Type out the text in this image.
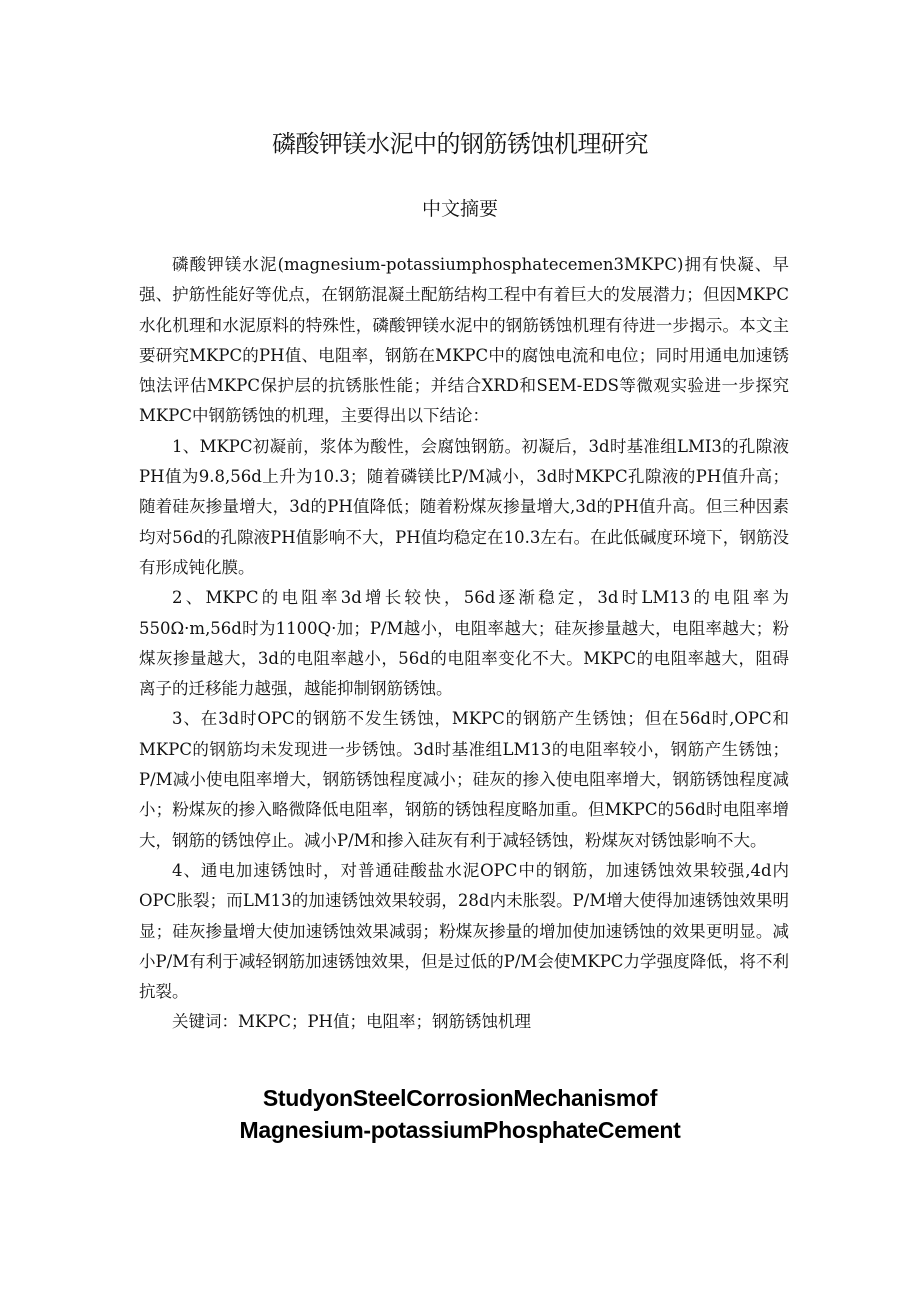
磷酸钾镁水泥中的钢筋锈蚀机理研究
中文摘要

磷酸钾镁水泥(magnesium-potassiumphosphatecemen3MKPC)拥有快凝、早强、护筋性能好等优点，在钢筋混凝土配筋结构工程中有着巨大的发展潜力；但因MKPC水化机理和水泥原料的特殊性，磷酸钾镁水泥中的钢筋锈蚀机理有待进一步揭示。本文主要研究MKPC的PH值、电阻率，钢筋在MKPC中的腐蚀电流和电位；同时用通电加速锈蚀法评估MKPC保护层的抗锈胀性能；并结合XRD和SEM-EDS等微观实验进一步探究MKPC中钢筋锈蚀的机理，主要得出以下结论：

1、MKPC初凝前，浆体为酸性，会腐蚀钢筋。初凝后，3d时基准组LMI3的孔隙液PH值为9.8,56d上升为10.3；随着磷镁比P/M减小，3d时MKPC孔隙液的PH值升高；随着硅灰掺量增大，3d的PH值降低；随着粉煤灰掺量增大,3d的PH值升高。但三种因素均对56d的孔隙液PH值影响不大，PH值均稳定在10.3左右。在此低碱度环境下，钢筋没有形成钝化膜。

2、MKPC的电阻率3d增长较快，56d逐渐稳定，3d时LM13的电阻率为550Ω·m,56d时为1100Q·加；P/M越小，电阻率越大；硅灰掺量越大，电阻率越大；粉煤灰掺量越大，3d的电阻率越小，56d的电阻率变化不大。MKPC的电阻率越大，阻碍离子的迁移能力越强，越能抑制钢筋锈蚀。

3、在3d时OPC的钢筋不发生锈蚀，MKPC的钢筋产生锈蚀；但在56d时,OPC和MKPC的钢筋均未发现进一步锈蚀。3d时基准组LM13的电阻率较小，钢筋产生锈蚀；P/M减小使电阻率增大，钢筋锈蚀程度减小；硅灰的掺入使电阻率增大，钢筋锈蚀程度减小；粉煤灰的掺入略微降低电阻率，钢筋的锈蚀程度略加重。但MKPC的56d时电阻率增大，钢筋的锈蚀停止。减小P/M和掺入硅灰有利于减轻锈蚀，粉煤灰对锈蚀影响不大。

4、通电加速锈蚀时，对普通硅酸盐水泥OPC中的钢筋，加速锈蚀效果较强,4d内OPC胀裂；而LM13的加速锈蚀效果较弱，28d内未胀裂。P/M增大使得加速锈蚀效果明显；硅灰掺量增大使加速锈蚀效果减弱；粉煤灰掺量的增加使加速锈蚀的效果更明显。减小P/M有利于减轻钢筋加速锈蚀效果，但是过低的P/M会使MKPC力学强度降低，将不利抗裂。

关键词：MKPC；PH值；电阻率；钢筋锈蚀机理

StudyonSteelCorrosionMechanismof
Magnesium-potassiumPhosphateCement
